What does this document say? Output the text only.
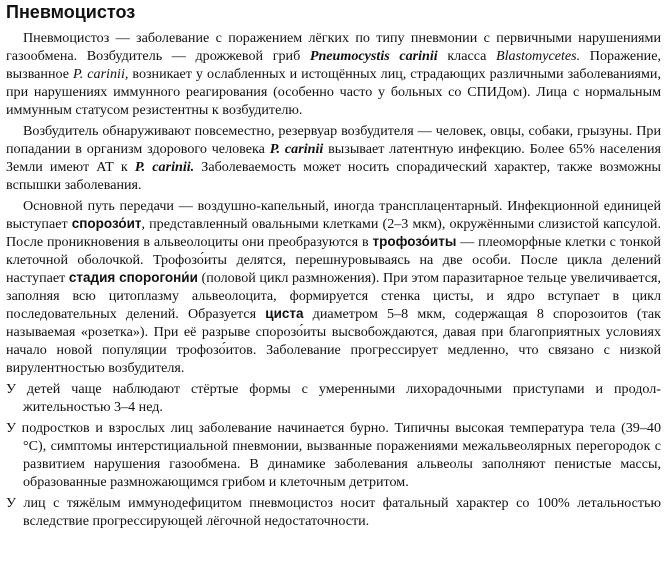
Пневмоцистоз

Пневмоцистоз — заболевание с поражением лёгких по типу пневмонии с первичными нарушениями газообмена. Возбудитель — дрожжевой гриб Pneumocystis carinii класса Blastomycetes. Поражение, вызванное P. carinii, возникает у ослабленных и истощённых лиц, страдающих различными заболеваниями, при нарушениях иммунного реагирования (особенно часто у больных со СПИДом). Лица с нормальным иммунным статусом резистентны к возбудителю.

Возбудитель обнаруживают повсеместно, резервуар возбудителя — человек, овцы, собаки, грызуны. При попадании в организм здорового человека P. carinii вызывает латентную инфекцию. Более 65% населения Земли имеют АТ к P. carinii. Заболеваемость может носить спорадический характер, также возможны вспышки заболевания.

Основной путь передачи — воздушно-капельный, иногда трансплацентарный. Инфекционной единицей выступает спорозо́ит, представленный овальными клетками (2–3 мкм), окружёнными слизистой капсулой. После проникновения в альвеолоциты они преобразуются в трофозо́иты — плеоморфные клетки с тонкой клеточной оболочкой. Трофозо́иты делятся, перешнуровываясь на две особи. После цикла делений наступает стадия спорогони́и (половой цикл размножения). При этом паразитарное тельце увеличивается, заполняя всю цитоплазму альвеолоцита, формируется стенка цисты, и ядро вступает в цикл последовательных делений. Образуется циста диаметром 5–8 мкм, содержащая 8 спорозоитов (так называемая «розетка»). При её разрыве спорозо́иты высвобождаются, давая при благоприятных условиях начало новой популяции трофозо́итов. Заболевание прогрессирует медленно, что связано с низкой вирулентностью возбудителя.

У детей чаще наблюдают стёртые формы с умеренными лихорадочными приступами и продолжительностью 3–4 нед.

У подростков и взрослых лиц заболевание начинается бурно. Типичны высокая температура тела (39–40 °С), симптомы интерстициальной пневмонии, вызванные поражениями межальвеолярных перегородок с развитием нарушения газообмена. В динамике заболевания альвеолы заполняют пенистые массы, образованные размножающимся грибом и клеточным детритом.

У лиц с тяжёлым иммунодефицитом пневмоцистоз носит фатальный характер со 100% летальностью вследствие прогрессирующей лёгочной недостаточности.
